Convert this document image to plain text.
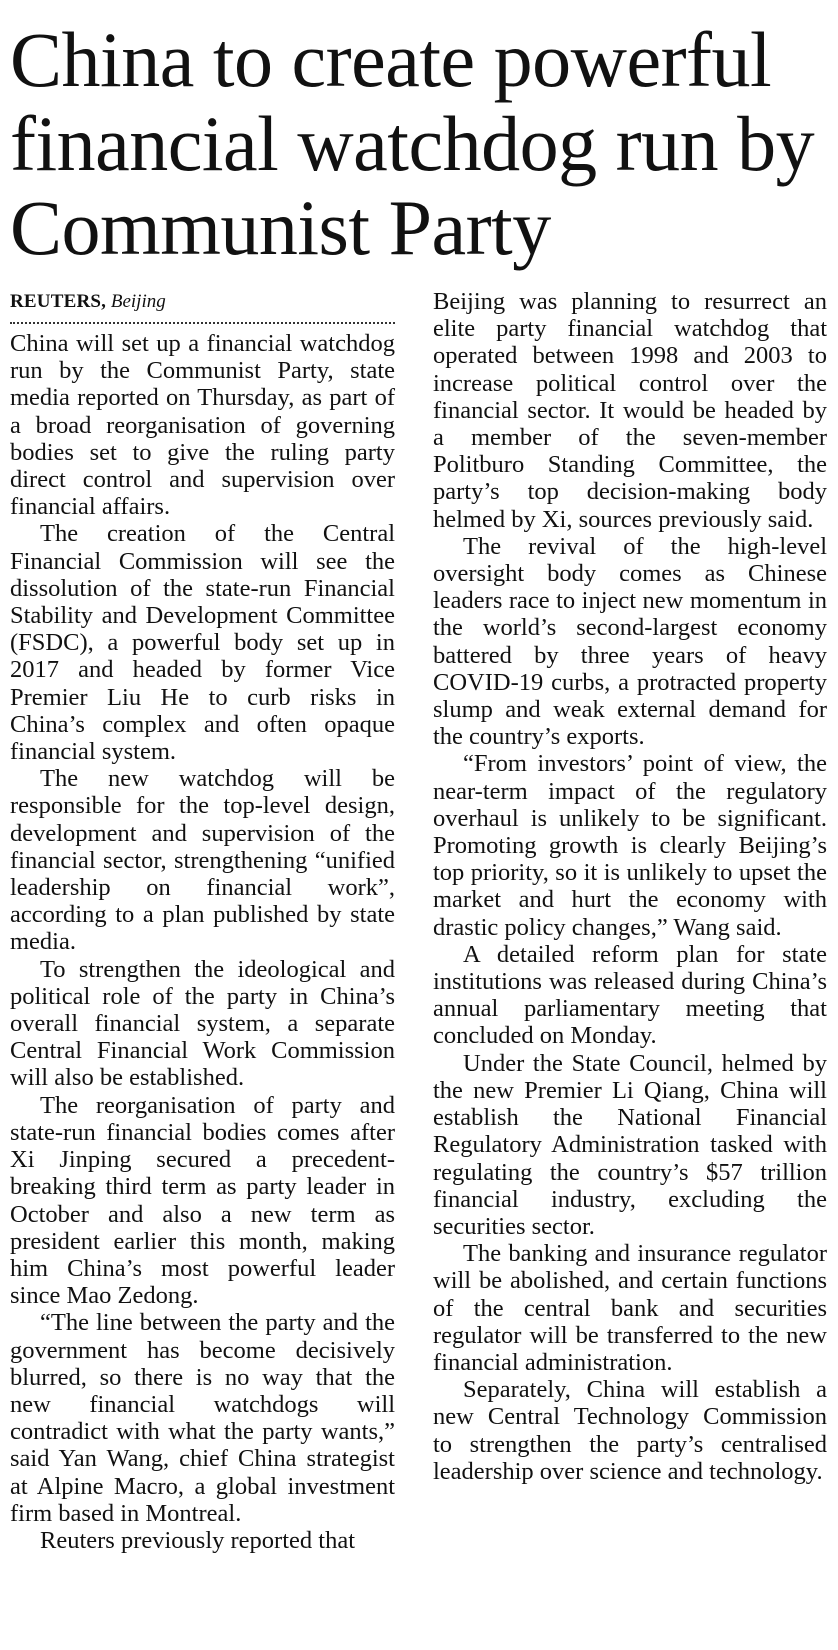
China to create powerful financial watchdog run by Communist Party
REUTERS, Beijing

China will set up a financial watchdog run by the Communist Party, state media reported on Thursday, as part of a broad reorganisation of governing bodies set to give the ruling party direct control and supervision over financial affairs.

The creation of the Central Financial Commission will see the dissolution of the state-run Financial Stability and Development Committee (FSDC), a powerful body set up in 2017 and headed by former Vice Premier Liu He to curb risks in China’s complex and often opaque financial system.

The new watchdog will be responsible for the top-level design, development and supervision of the financial sector, strengthening “unified leadership on financial work”, according to a plan published by state media.

To strengthen the ideological and political role of the party in China’s overall financial system, a separate Central Financial Work Commission will also be established.

The reorganisation of party and state-run financial bodies comes after Xi Jinping secured a precedent-breaking third term as party leader in October and also a new term as president earlier this month, making him China’s most powerful leader since Mao Zedong.

“The line between the party and the government has become decisively blurred, so there is no way that the new financial watchdogs will contradict with what the party wants,” said Yan Wang, chief China strategist at Alpine Macro, a global investment firm based in Montreal.

Reuters previously reported that

Beijing was planning to resurrect an elite party financial watchdog that operated between 1998 and 2003 to increase political control over the financial sector. It would be headed by a member of the seven-member Politburo Standing Committee, the party’s top decision-making body helmed by Xi, sources previously said.

The revival of the high-level oversight body comes as Chinese leaders race to inject new momentum in the world’s second-largest economy battered by three years of heavy COVID-19 curbs, a protracted property slump and weak external demand for the country’s exports.

“From investors’ point of view, the near-term impact of the regulatory overhaul is unlikely to be significant. Promoting growth is clearly Beijing’s top priority, so it is unlikely to upset the market and hurt the economy with drastic policy changes,” Wang said.

A detailed reform plan for state institutions was released during China’s annual parliamentary meeting that concluded on Monday.

Under the State Council, helmed by the new Premier Li Qiang, China will establish the National Financial Regulatory Administration tasked with regulating the country’s $57 trillion financial industry, excluding the securities sector.

The banking and insurance regulator will be abolished, and certain functions of the central bank and securities regulator will be transferred to the new financial administration.

Separately, China will establish a new Central Technology Commission to strengthen the party’s centralised leadership over science and technology.
